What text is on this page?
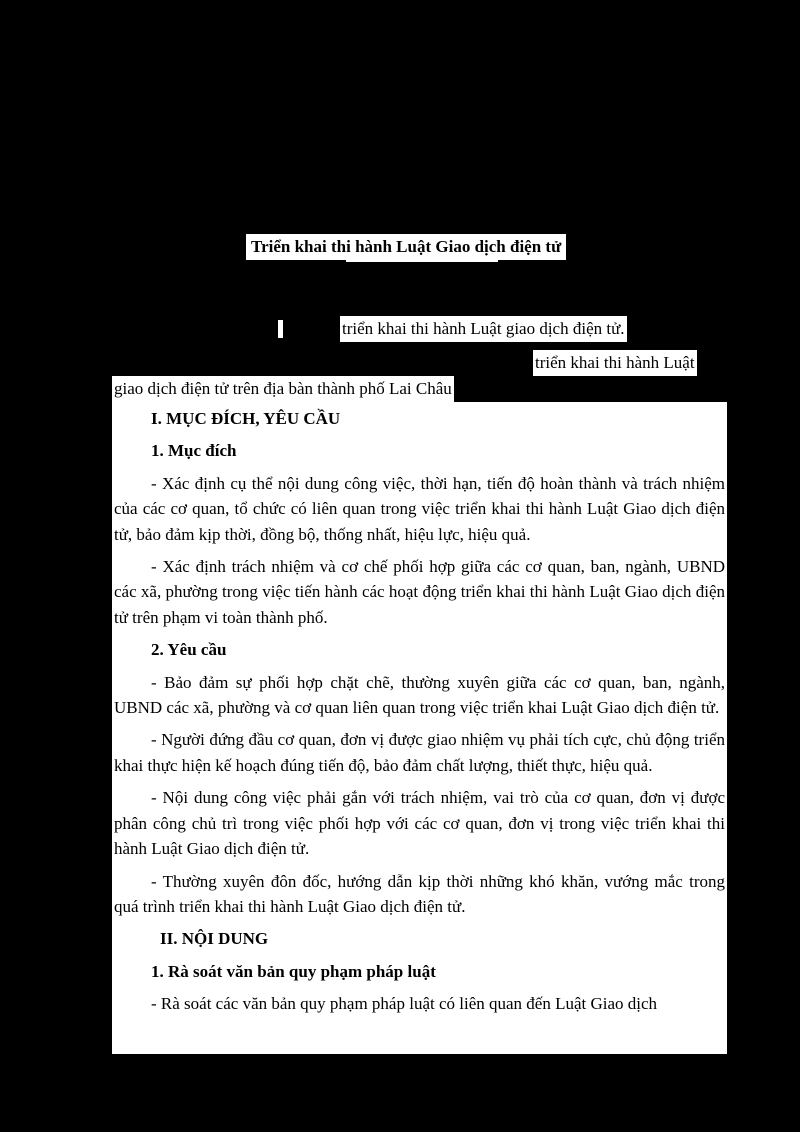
Triển khai thi hành Luật Giao dịch điện tử
triển khai thi hành Luật giao dịch điện tử.
triển khai thi hành Luật
giao dịch điện tử trên địa bàn thành phố Lai Châu

I. MỤC ĐÍCH, YÊU CẦU

1. Mục đích

- Xác định cụ thể nội dung công việc, thời hạn, tiến độ hoàn thành và trách nhiệm của các cơ quan, tổ chức có liên quan trong việc triển khai thi hành Luật Giao dịch điện tử, bảo đảm kịp thời, đồng bộ, thống nhất, hiệu lực, hiệu quả.

- Xác định trách nhiệm và cơ chế phối hợp giữa các cơ quan, ban, ngành, UBND các xã, phường trong việc tiến hành các hoạt động triển khai thi hành Luật Giao dịch điện tử trên phạm vi toàn thành phố.

2. Yêu cầu

- Bảo đảm sự phối hợp chặt chẽ, thường xuyên giữa các cơ quan, ban, ngành, UBND các xã, phường và cơ quan liên quan trong việc triển khai Luật Giao dịch điện tử.

- Người đứng đầu cơ quan, đơn vị được giao nhiệm vụ phải tích cực, chủ động triển khai thực hiện kế hoạch đúng tiến độ, bảo đảm chất lượng, thiết thực, hiệu quả.

- Nội dung công việc phải gắn với trách nhiệm, vai trò của cơ quan, đơn vị được phân công chủ trì trong việc phối hợp với các cơ quan, đơn vị trong việc triển khai thi hành Luật Giao dịch điện tử.

- Thường xuyên đôn đốc, hướng dẫn kịp thời những khó khăn, vướng mắc trong quá trình triển khai thi hành Luật Giao dịch điện tử.

II. NỘI DUNG

1. Rà soát văn bản quy phạm pháp luật

- Rà soát các văn bản quy phạm pháp luật có liên quan đến Luật Giao dịch
